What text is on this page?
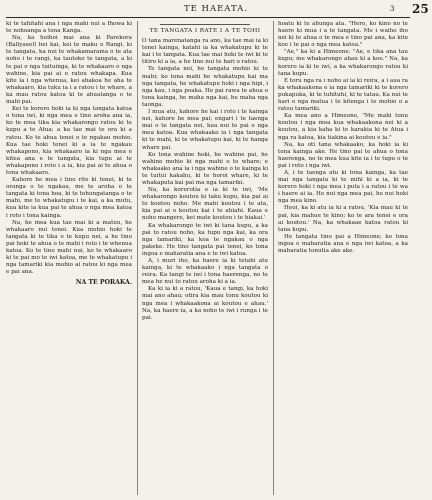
TE HAEATA.	3 25

ki te tahitahi ana i nga mahi nui a Ihowa ki te nohoanga a tona Kanga.

Na, ka hoihoi mai ana ki Parekora (Ballyaeel) hei kai, kei te maku o Rangi, ki te tangata, ka nui te whakamarama o te ata noho i te rangi, ka tautoko te tangata, a ki te pai o nga tuituinga, ki te whakaaro o nga wahine, kia pai ai o ratou whakapa. Kua kite ia i nga whenua, kei ahakoa he aha te whakaaro, kia tuku ia i a ratou i te whare, a ka mau ratou katoa ki te ahuatanga o te mahi pai.

Kei te korero hoki ia ki nga tangata katoa o tona iwi, ki nga mea e tino aroha ana ia, ko te mea tika kia whakarongo ratou ki te kupu a te Atua; a ka tae mai te ora ki a ratou. Ko te ahua tenei o te ngakau mohio. Kua tae hoki tenei ki a ia te ngakau whakapono, kia whakaaro ia ki nga mea e kitea ana e te tangata, kia tupu ai te whakapono i roto i a ia, kia pai ai te ahua o tona whakaaro.

Kahore he mea i tino rite ki tenei, ki te oranga o te ngakau, me te aroha o te tangata ki tona hoa, ki te tohungatanga o te mahi, me te whakatupu i te kai, a ka mutu, kua kite ia kua pai te ahua o nga mea katoa i roto i tona kainga.

Na, he mea kua tae mai ki a matou, he whakaaro nui tenei. Kua mohio hoki te tangata ki te tika o te kupu nei, a he tino pai hoki te ahua o te mahi i roto i te whenua katoa. Ko te tino mahi nui, ko te whakaaro ki te pai mo te iwi katoa, me te whakatupu i nga tamariki kia mohio ai ratou ki nga mea e pai ana.

NA TE PORAKA.
TE TANGATA I RATE I A TE TOHI

O tana marenatanga ra ano, ka tae mai ia ki tenei kainga, katahi ia ka whakatupu ki te kai i te tangata. Kua tae mai hoki te iwi ki te titiro ki a ia, a he tino nui te hari o ratou.

Te tangata nei, he tangata mohio ki te mahi; ko tona mahi he whakatupu kai ma nga tangata, he whakatupu hoki i nga hipi, i nga kau, i nga poaka. He pai rawa te ahua o tona kainga, he maha nga kai, he maha nga taonga.

I mua atu, kahore he kai i roto i te kainga nei, kahore he mea pai; engari i te taenga mai o te tangata nei, kua nui te pai o nga mea katoa. Kua whakaako ia i nga tangata ki te mahi, ki te whakatupu kai, ki te hanga whare pai.

Ko tona wahine hoki, he wahine pai, he wahine mohio ki nga mahi o te whare; e whakaako ana ia i nga wahine o te kainga ki te tuitui kakahu, ki te horoi whare, ki te whakaputa kai pai ma nga tamariki.

Na, ka korerotia e ia ki te iwi, 'Me whakarongo koutou ki taku kupu, kia pai ai to koutou noho. Me mahi koutou i te ata, kia pai ai o koutou kai i te ahiahi. Kaua e noho mangere, kei mate koutou i te hiakai.'

Ka whakarongo te iwi ki tana kupu, a ka pai to ratou noho, ka tupu nga kai, ka ora nga tamariki, ka koa te ngakau o nga pakeke. He tino tangata pai tenei, ko tona ingoa e maharatia ana e te iwi katoa.

A, i muri iho, ka haere ia ki tetahi atu kainga, ki te whakaako i nga tangata o reira. Ka tangi te iwi i tona haerenga, no te mea he nui to ratou aroha ki a ia.

Ka ki ia ki a ratou, 'Kaua e tangi, ka hoki mai ano ahau; otira kia mau tonu koutou ki nga mea i whakaakona ai koutou e ahau.' Na, ka haere ia, a ka noho te iwi i runga i te pai.

hoatu ki te ahunga ata. "Hero, ko kino no te haere ki mua i a te tangata. Me i waiho iho nei ki te ahua o te mea e tino pai ana, ka kite koe i te pai o nga mea katoa."

"Ae," ka ki a Himeone. "Ae, e tika ana tau kupu; me whakarongo ahau ki a koe." Na, ka korero ia ki te iwi, a ka whakarongo ratou ki tana kupu.

E toru nga ra i noho ai ia ki reira, a i aua ra ka whakaakona e ia nga tamariki ki te korero pukapuka, ki te tuhituhi, ki te tatau. Ka nui te hari o nga matua i te kitenga i te mohio o a ratou tamariki.

Ka mea ano a Himeone, "Me mahi tonu koutou i nga mea kua whakaakona nei ki a koutou, a kia kaha ki te karakia ki te Atua i nga ra katoa, kia tiakina ai koutou e ia."

Na, ka oti tana whakaako, ka hoki ia ki tona kainga ake. He tino pai te ahua o tona haerenga, no te mea kua kite ia i te tupu o te pai i roto i nga iwi.

A, i te taenga atu ki tona kainga, ka tae mai nga tangata ki te mihi ki a ia, ki te korero hoki i nga mea i puta i a ratou i te wa i haere ai ia. He nui nga mea pai, he nui hoki nga mea kino.

Heoi, ka ki atu ia ki a ratou, 'Kia mau ki te pai, kia mahue te kino; ko te ara tenei e ora ai koutou.' Na, ka whakaae katoa ratou ki tana kupu.

He tangata tino pai a Himeone; ko tona ingoa e maharatia ana e nga iwi katoa, a ka maharatia tonutia ake ake.
